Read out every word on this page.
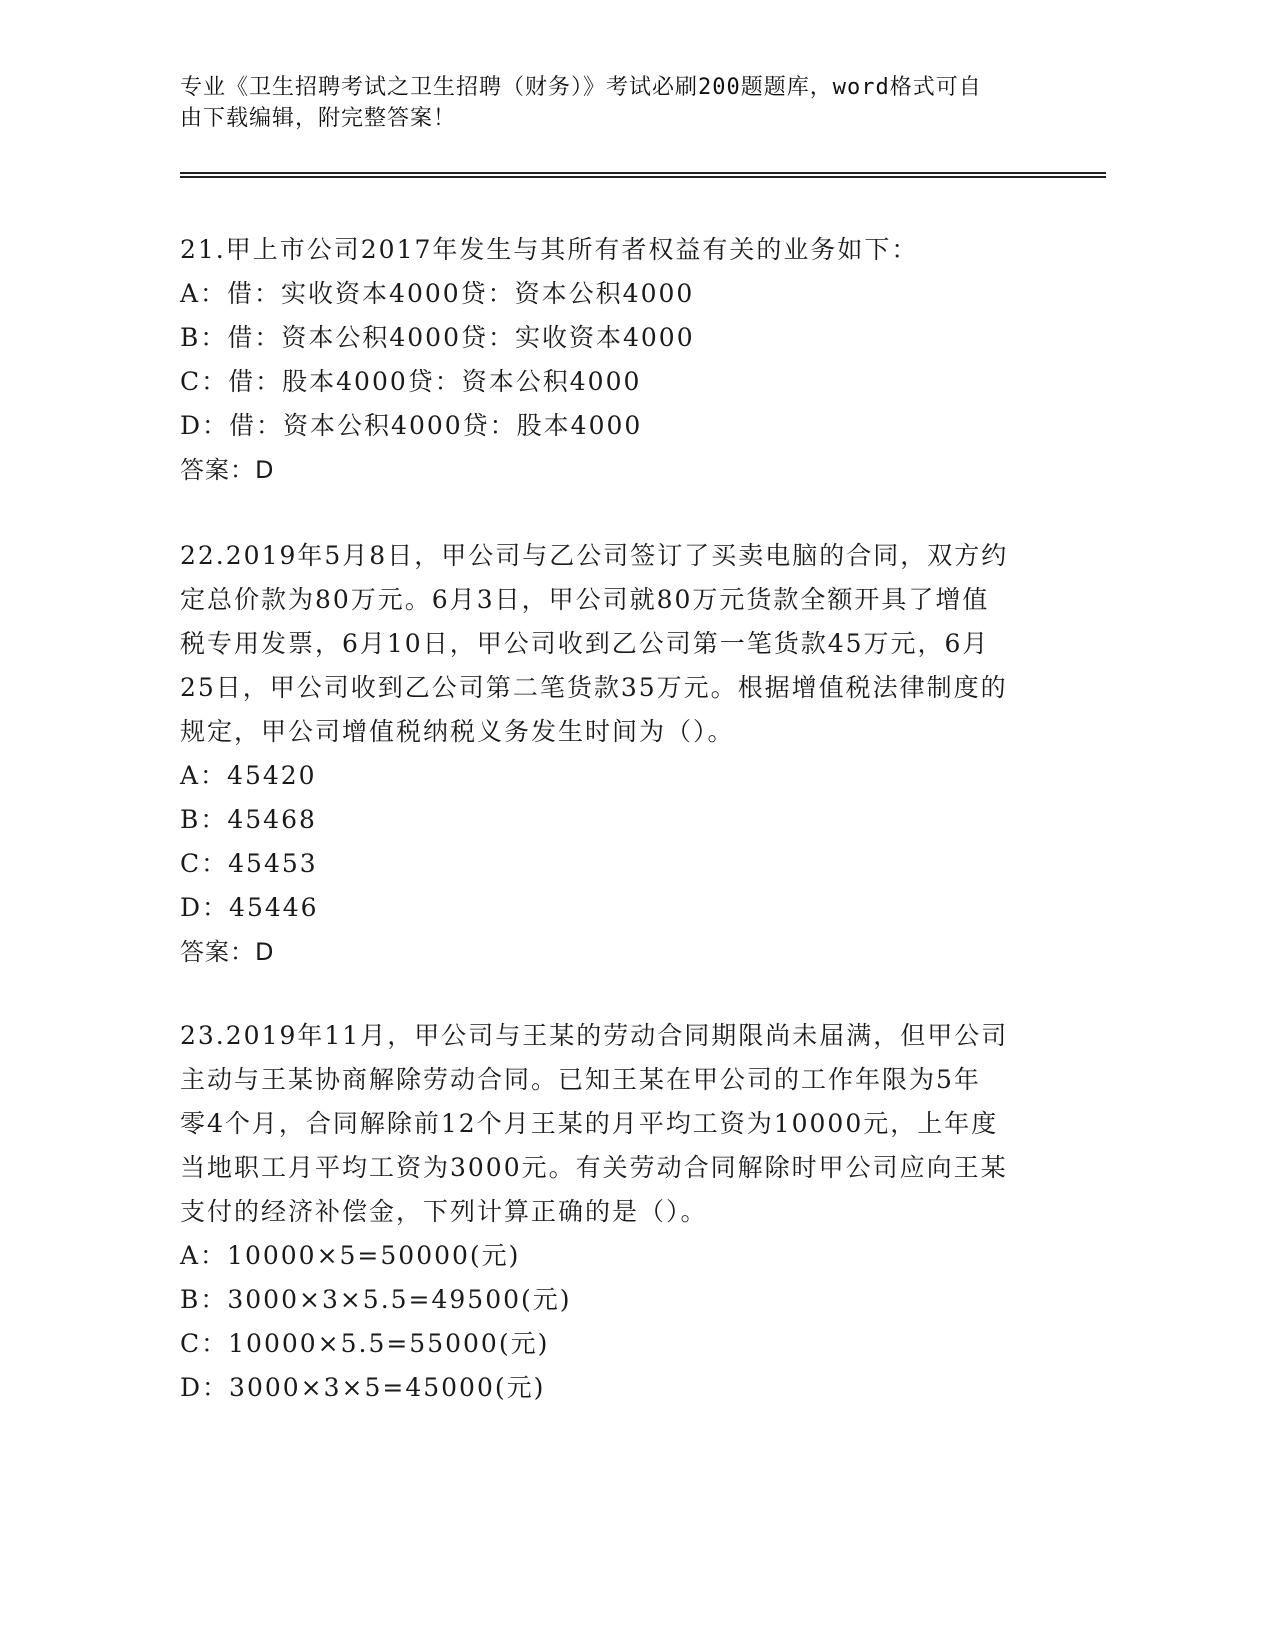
专业《卫生招聘考试之卫生招聘（财务）》考试必刷200题题库，word格式可自
由下载编辑，附完整答案！
21.甲上市公司2017年发生与其所有者权益有关的业务如下：
A：借：实收资本4000贷：资本公积4000
B：借：资本公积4000贷：实收资本4000
C：借：股本4000贷：资本公积4000
D：借：资本公积4000贷：股本4000
答案：D
22.2019年5月8日，甲公司与乙公司签订了买卖电脑的合同，双方约
定总价款为80万元。6月3日，甲公司就80万元货款全额开具了增值
税专用发票，6月10日，甲公司收到乙公司第一笔货款45万元，6月
25日，甲公司收到乙公司第二笔货款35万元。根据增值税法律制度的
规定，甲公司增值税纳税义务发生时间为（）。
A：45420
B：45468
C：45453
D：45446
答案：D
23.2019年11月，甲公司与王某的劳动合同期限尚未届满，但甲公司
主动与王某协商解除劳动合同。已知王某在甲公司的工作年限为5年
零4个月，合同解除前12个月王某的月平均工资为10000元，上年度
当地职工月平均工资为3000元。有关劳动合同解除时甲公司应向王某
支付的经济补偿金，下列计算正确的是（）。
A：10000×5=50000(元)
B：3000×3×5.5=49500(元)
C：10000×5.5=55000(元)
D：3000×3×5=45000(元)
